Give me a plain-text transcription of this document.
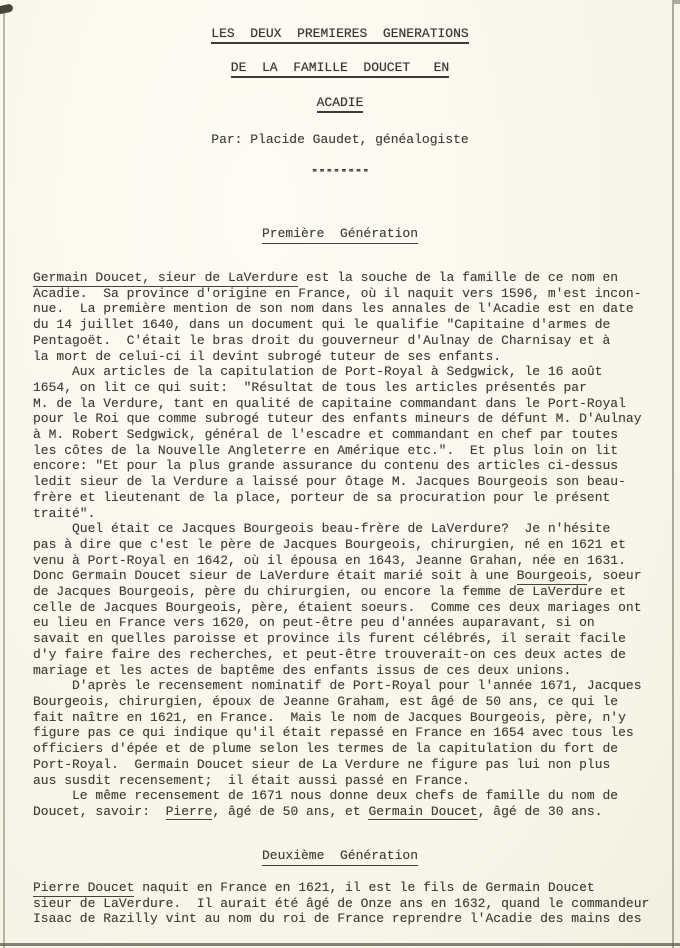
LES  DEUX  PREMIERES  GENERATIONS
DE  LA  FAMILLE  DOUCET   EN
ACADIE
Par: Placide Gaudet, généalogiste
--------
Première  Génération
Germain Doucet, sieur de LaVerdure est la souche de la famille de ce nom en
Acadie.  Sa province d'origine en France, où il naquit vers 1596, m'est incon-
nue.  La première mention de son nom dans les annales de l'Acadie est en date
du 14 juillet 1640, dans un document qui le qualifie "Capitaine d'armes de
Pentagoët.  C'était le bras droit du gouverneur d'Aulnay de Charnisay et à
la mort de celui-ci il devint subrogé tuteur de ses enfants.
Aux articles de la capitulation de Port-Royal à Sedgwick, le 16 août
1654, on lit ce qui suit:  "Résultat de tous les articles présentés par
M. de la Verdure, tant en qualité de capitaine commandant dans le Port-Royal
pour le Roi que comme subrogé tuteur des enfants mineurs de défunt M. D'Aulnay
à M. Robert Sedgwick, général de l'escadre et commandant en chef par toutes
les côtes de la Nouvelle Angleterre en Amérique etc.".  Et plus loin on lit
encore: "Et pour la plus grande assurance du contenu des articles ci-dessus
ledit sieur de la Verdure a laissé pour ôtage M. Jacques Bourgeois son beau-
frère et lieutenant de la place, porteur de sa procuration pour le présent
traité".
Quel était ce Jacques Bourgeois beau-frère de LaVerdure?  Je n'hésite
pas à dire que c'est le père de Jacques Bourgeois, chirurgien, né en 1621 et
venu à Port-Royal en 1642, où il épousa en 1643, Jeanne Grahan, née en 1631.
Donc Germain Doucet sieur de LaVerdure était marié soit à une Bourgeois, soeur
de Jacques Bourgeois, père du chirurgien, ou encore la femme de LaVerdure et
celle de Jacques Bourgeois, père, étaient soeurs.  Comme ces deux mariages ont
eu lieu en France vers 1620, on peut-être peu d'années auparavant, si on
savait en quelles paroisse et province ils furent célébrés, il serait facile
d'y faire faire des recherches, et peut-être trouverait-on ces deux actes de
mariage et les actes de baptême des enfants issus de ces deux unions.
D'après le recensement nominatif de Port-Royal pour l'année 1671, Jacques
Bourgeois, chirurgien, époux de Jeanne Graham, est âgé de 50 ans, ce qui le
fait naître en 1621, en France.  Mais le nom de Jacques Bourgeois, père, n'y
figure pas ce qui indique qu'il était repassé en France en 1654 avec tous les
officiers d'épée et de plume selon les termes de la capitulation du fort de
Port-Royal.  Germain Doucet sieur de La Verdure ne figure pas lui non plus
aus susdit recensement;  il était aussi passé en France.
Le même recensement de 1671 nous donne deux chefs de famille du nom de
Doucet, savoir:  Pierre, âgé de 50 ans, et Germain Doucet, âgé de 30 ans.
Deuxième  Génération
Pierre Doucet naquit en France en 1621, il est le fils de Germain Doucet
sieur de LaVerdure.  Il aurait été âgé de Onze ans en 1632, quand le commandeur
Isaac de Razilly vint au nom du roi de France reprendre l'Acadie des mains des
